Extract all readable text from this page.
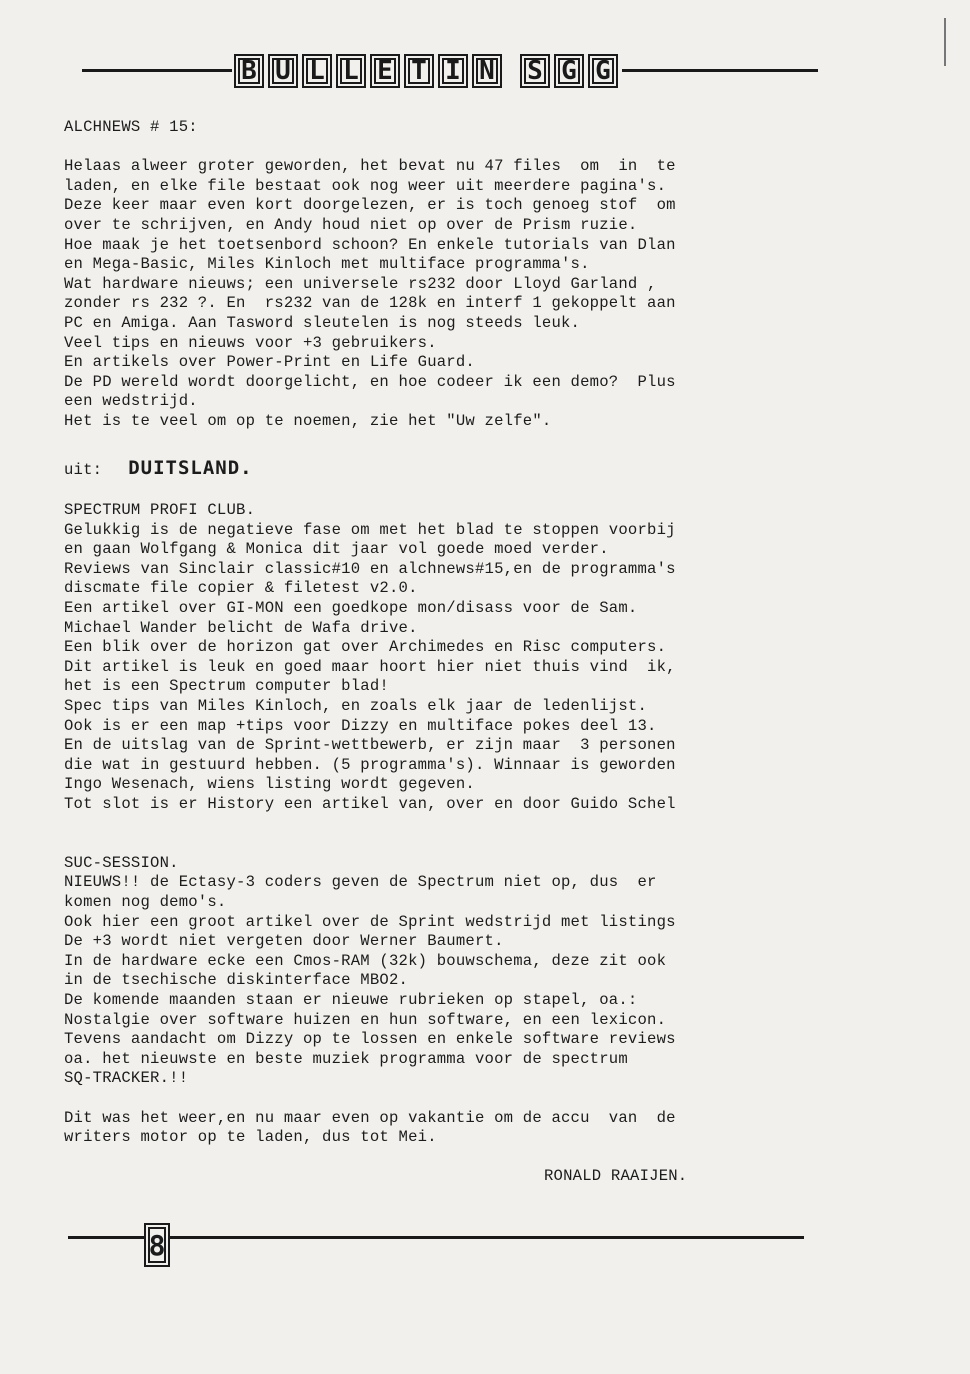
B U L L E T I N S G G
ALCHNEWS # 15:
Helaas alweer groter geworden, het bevat nu 47 files  om  in  te
laden, en elke file bestaat ook nog weer uit meerdere pagina's.
Deze keer maar even kort doorgelezen, er is toch genoeg stof  om
over te schrijven, en Andy houd niet op over de Prism ruzie.
Hoe maak je het toetsenbord schoon? En enkele tutorials van Dlan
en Mega-Basic, Miles Kinloch met multiface programma's.
Wat hardware nieuws; een universele rs232 door Lloyd Garland ,
zonder rs 232 ?. En  rs232 van de 128k en interf 1 gekoppelt aan
PC en Amiga. Aan Tasword sleutelen is nog steeds leuk.
Veel tips en nieuws voor +3 gebruikers.
En artikels over Power-Print en Life Guard.
De PD wereld wordt doorgelicht, en hoe codeer ik een demo?  Plus
een wedstrijd.
Het is te veel om op te noemen, zie het "Uw zelfe".
uit: DUITSLAND.
SPECTRUM PROFI CLUB.
Gelukkig is de negatieve fase om met het blad te stoppen voorbij
en gaan Wolfgang & Monica dit jaar vol goede moed verder.
Reviews van Sinclair classic#10 en alchnews#15,en de programma's
discmate file copier & filetest v2.0.
Een artikel over GI-MON een goedkope mon/disass voor de Sam.
Michael Wander belicht de Wafa drive.
Een blik over de horizon gat over Archimedes en Risc computers.
Dit artikel is leuk en goed maar hoort hier niet thuis vind  ik,
het is een Spectrum computer blad!
Spec tips van Miles Kinloch, en zoals elk jaar de ledenlijst.
Ook is er een map +tips voor Dizzy en multiface pokes deel 13.
En de uitslag van de Sprint-wettbewerb, er zijn maar  3 personen
die wat in gestuurd hebben. (5 programma's). Winnaar is geworden
Ingo Wesenach, wiens listing wordt gegeven.
Tot slot is er History een artikel van, over en door Guido Schel
SUC-SESSION.
NIEUWS!! de Ectasy-3 coders geven de Spectrum niet op, dus  er
komen nog demo's.
Ook hier een groot artikel over de Sprint wedstrijd met listings
De +3 wordt niet vergeten door Werner Baumert.
In de hardware ecke een Cmos-RAM (32k) bouwschema, deze zit ook
in de tsechische diskinterface MBO2.
De komende maanden staan er nieuwe rubrieken op stapel, oa.:
Nostalgie over software huizen en hun software, en een lexicon.
Tevens aandacht om Dizzy op te lossen en enkele software reviews
oa. het nieuwste en beste muziek programma voor de spectrum
SQ-TRACKER.!!
Dit was het weer,en nu maar even op vakantie om de accu  van  de
writers motor op te laden, dus tot Mei.
RONALD RAAIJEN.
8
